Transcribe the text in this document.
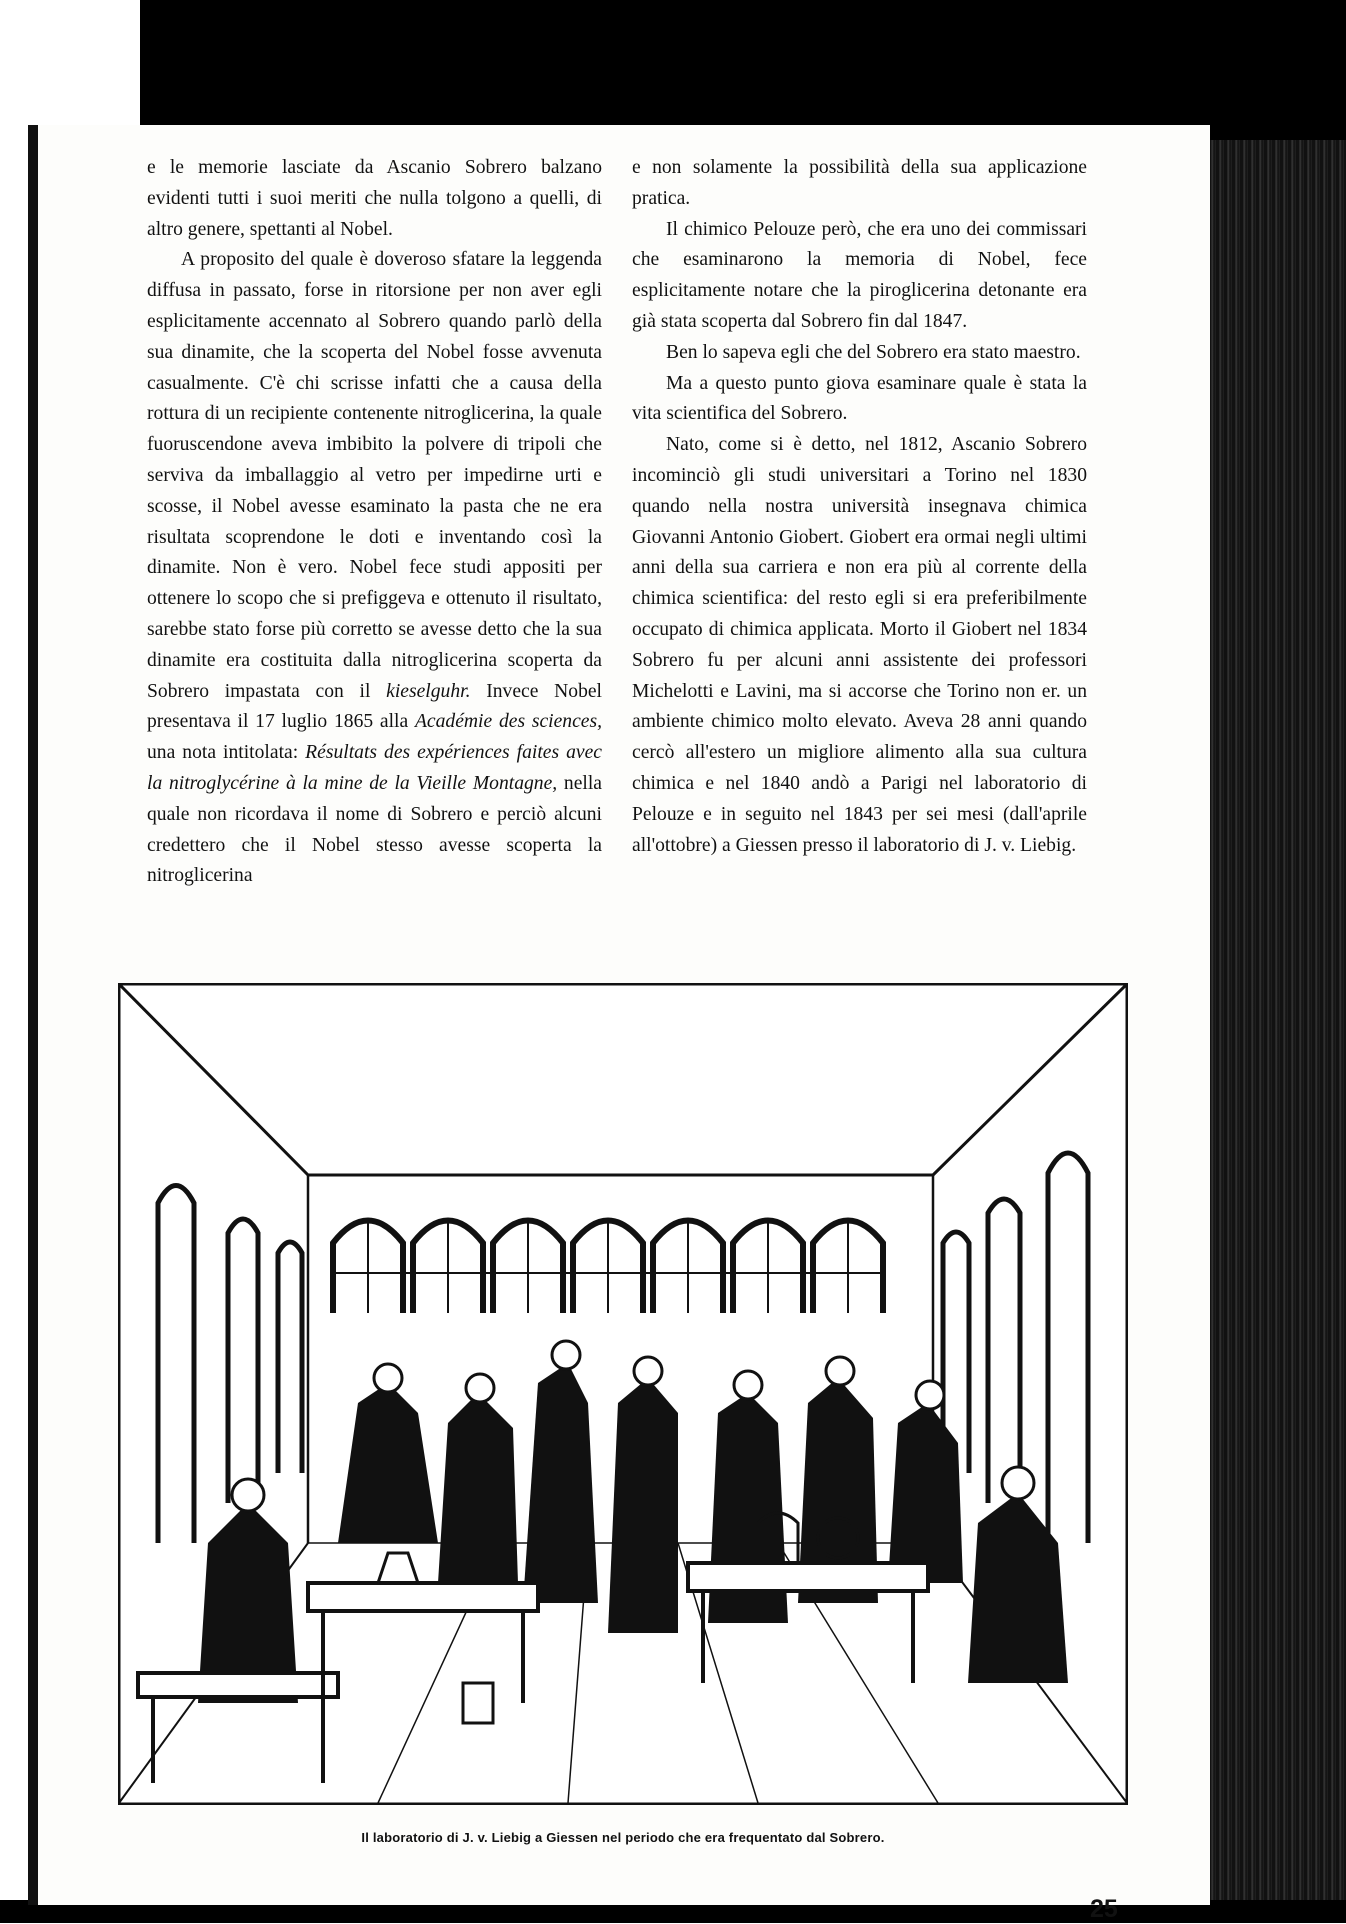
e le memorie lasciate da Ascanio Sobrero balzano evidenti tutti i suoi meriti che nulla tolgono a quelli, di altro genere, spettanti al Nobel.

A proposito del quale è doveroso sfatare la leggenda diffusa in passato, forse in ritorsione per non aver egli esplicitamente accennato al Sobrero quando parlò della sua dinamite, che la scoperta del Nobel fosse avvenuta casualmente. C'è chi scrisse infatti che a causa della rottura di un recipiente contenente nitroglicerina, la quale fuoruscendone aveva imbibito la polvere di tripoli che serviva da imballaggio al vetro per impedirne urti e scosse, il Nobel avesse esaminato la pasta che ne era risultata scoprendone le doti e inventando così la dinamite. Non è vero. Nobel fece studi appositi per ottenere lo scopo che si prefiggeva e ottenuto il risultato, sarebbe stato forse più corretto se avesse detto che la sua dinamite era costituita dalla nitroglicerina scoperta da Sobrero impastata con il kieselguhr. Invece Nobel presentava il 17 luglio 1865 alla Académie des sciences, una nota intitolata: Résultats des expériences faites avec la nitroglycérine à la mine de la Vieille Montagne, nella quale non ricordava il nome di Sobrero e perciò alcuni credettero che il Nobel stesso avesse scoperta la nitroglicerina

e non solamente la possibilità della sua applicazione pratica.

Il chimico Pelouze però, che era uno dei commissari che esaminarono la memoria di Nobel, fece esplicitamente notare che la piroglicerina detonante era già stata scoperta dal Sobrero fin dal 1847.

Ben lo sapeva egli che del Sobrero era stato maestro.

Ma a questo punto giova esaminare quale è stata la vita scientifica del Sobrero.

Nato, come si è detto, nel 1812, Ascanio Sobrero incominciò gli studi universitari a Torino nel 1830 quando nella nostra università insegnava chimica Giovanni Antonio Giobert. Giobert era ormai negli ultimi anni della sua carriera e non era più al corrente della chimica scientifica: del resto egli si era preferibilmente occupato di chimica applicata. Morto il Giobert nel 1834 Sobrero fu per alcuni anni assistente dei professori Michelotti e Lavini, ma si accorse che Torino non er. un ambiente chimico molto elevato. Aveva 28 anni quando cercò all'estero un migliore alimento alla sua cultura chimica e nel 1840 andò a Parigi nel laboratorio di Pelouze e in seguito nel 1843 per sei mesi (dall'aprile all'ottobre) a Giessen presso il laboratorio di J. v. Liebig.

Il laboratorio di J. v. Liebig a Giessen nel periodo che era frequentato dal Sobrero.
25
